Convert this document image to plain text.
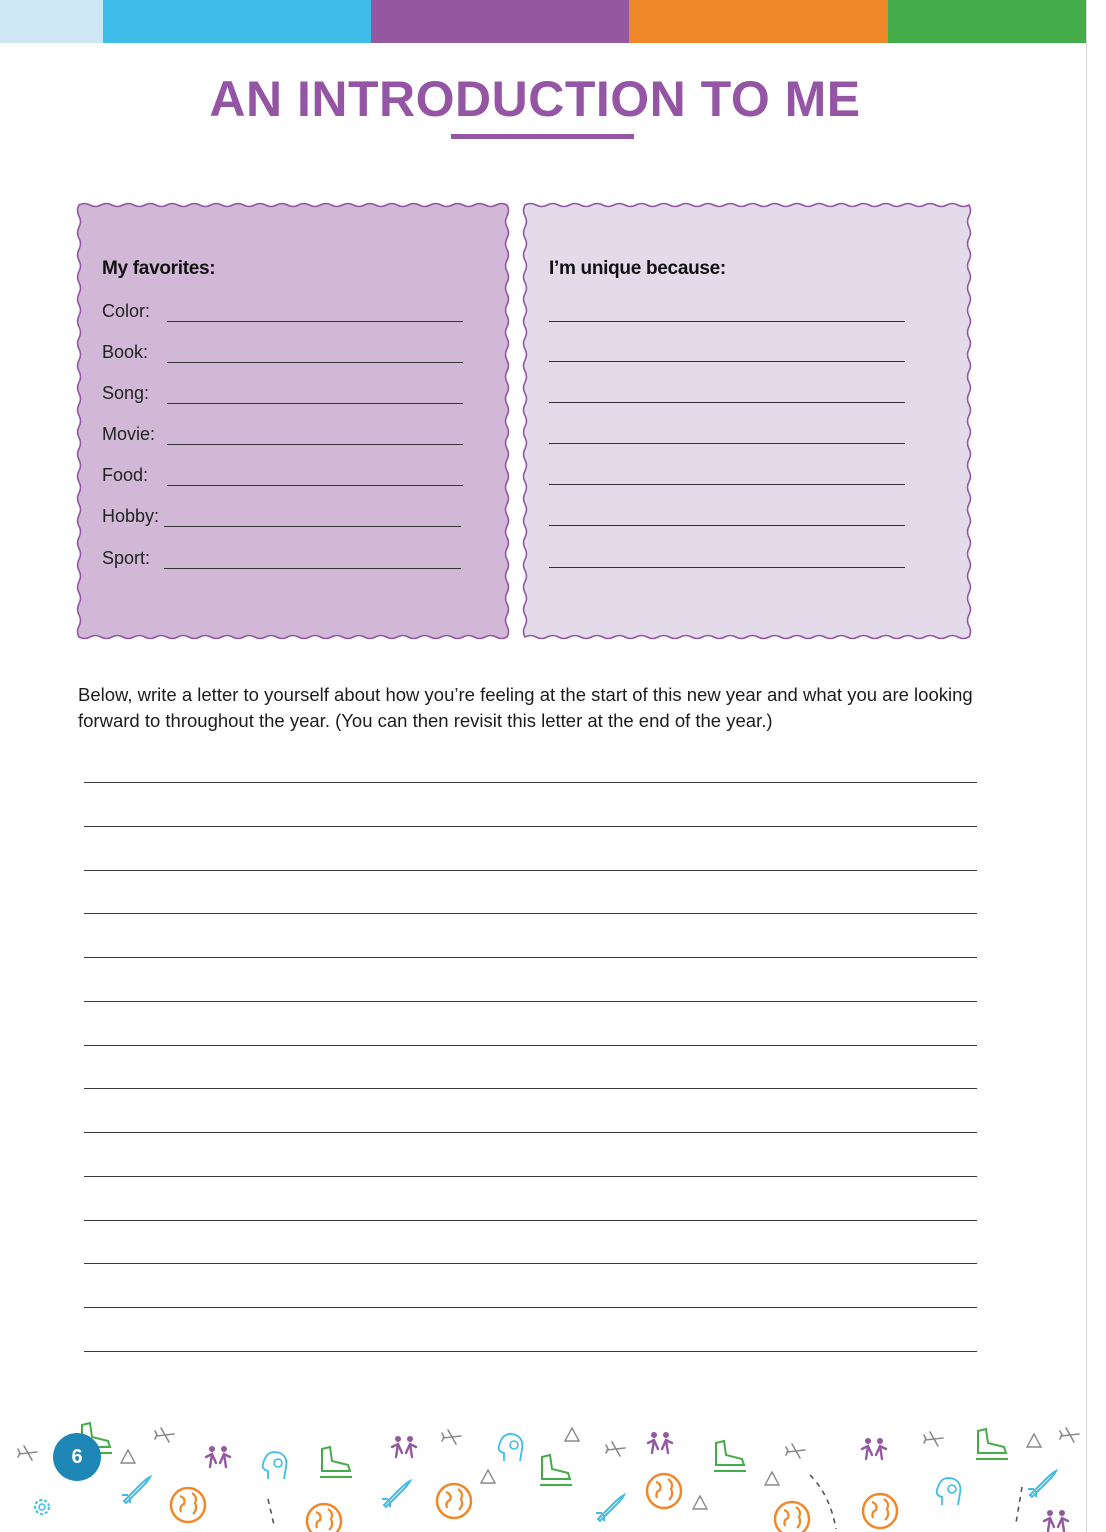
AN INTRODUCTION TO ME
My favorites:
Color:
Book:
Song:
Movie:
Food:
Hobby:
Sport:
I’m unique because:

Below, write a letter to yourself about how you’re feeling at the start of this new year and what you are looking forward to throughout the year. (You can then revisit this letter at the end of the year.)

6
